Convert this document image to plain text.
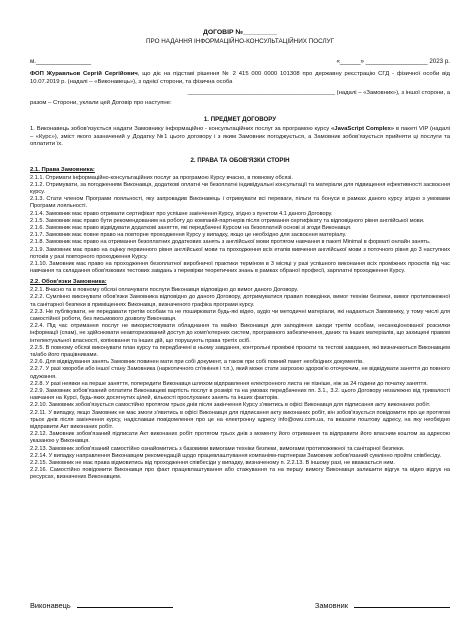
ДОГОВІР №_________
ПРО НАДАННЯ ІНФОРМАЦІЙНО-КОНСУЛЬТАЦІЙНИХ ПОСЛУГ
м.________________	«______» __________________ 2023 р.
ФОП Журавльов Сергій Сергійович, що діє на підставі рішення № 2 415 000 0000 101308 про державну реєстрацію СГД - фізичної особи від 10.07.2019 р. (надалі – «Виконавець»), з однієї сторони, та фізична особа
_____________________________________________ (надалі – «Замовник»), з іншої сторони, а
разом – Сторони, уклали цей Договір про наступне:
1. ПРЕДМЕТ ДОГОВОРУ
1. Виконавець зобов'язується надати Замовнику інформаційно - консультаційних послуг за програмою курсу «JavaScript Complex» в пакеті VIP (надалі – «Курс»), зміст якого зазначений у Додатку №1 цього договору і з яким Замовник погоджується, а Замовник зобов'язується прийняти ці послуги та оплатити їх.
2. ПРАВА ТА ОБОВ'ЯЗКИ СТОРІН
2.1. Права Замовника:
2.1.1. Отримати інформаційно-консультаційних послуг за програмою Курсу вчасно, в повному обсязі.
2.1.2. Отримувати, за погодженням Виконавця, додаткові оплатні чи безоплатні індивідуальні консультації та матеріали для підвищення ефективності засвоєння курсу.
2.1.3. Стати членом Програми лояльності, яку запровадив Виконавець і отримувати всі переваги, пільги та бонуси в рамках даного курсу згідно з умовами Програми лояльності.
2.1.4. Замовник має право отримати сертифікат про успішне закінчення Курсу, згідно з пунктом 4.1 даного Договору.
2.1.5. Замовник має право бути рекомендованим на роботу до компаній-партнерів після отримання сертифікату та відповідного рівня англійської мови.
2.1.6. Замовник має право відвідувати додаткові заняття, які передбачені Курсом на безоплатній основі зі згоди Виконавця.
2.1.7. Замовник має повне право на повторне проходження Курсу у випадку, якщо це необхідно для засвоєння матеріалу.
2.1.8. Замовник має право на отримання безоплатних додаткових занять з англійської мови протягом навчання в пакеті Minimal в форматі онлайн занять.
2.1.9. Замовник має право на оцінку первинного рівня англійської мови та проходження всіх етапів вивчення англійської мови з поточного рівня до 3 наступних потоків у разі повторного проходження Курсу.
2.1.10. Замовник має право на проходження безоплатної виробничої практики терміном в 3 місяці у разі успішного виконання всіх проміжних проєктів під час навчання та складання обов'язкових тестових завдань з перевірки теоретичних знань в рамках обраної професії, зарплатні проходження Курсу.
2.2. Обов'язки Замовника:
2.2.1. Вчасно та в повному обсязі оплачувати послуги Виконавця відповідно до вимог даного Договору.
2.2.2. Сумлінно виконувати обов'язки Замовника відповідно до даного Договору, дотримуватися правил поведінки, вимог техніки безпеки, вимог протипожежної та санітарної безпеки в приміщеннях Виконавця, визначеного графіка програми курсу.
2.2.3. Не публікувати, не передавати третім особам та не поширювати будь-які відео, аудіо чи методичні матеріали, які надаються Замовнику, у тому числі для самостійної роботи, без письмового дозволу Виконавця.
2.2.4. Під час отримання послуг не використовувати обладнання та майно Виконавця для заподіяння шкоди третім особам, несанкціонованої розсилки інформації (спам), не здійснювати неавторизований доступ до комп'ютерних систем, програмного забезпечення, даних та інших матеріалів, що захищені правом інтелектуальної власності, копіювання та інших дій, що порушують права третіх осіб.
2.2.5. В повному обсязі виконувати план курсу та передбачені в ньому завдання, контрольні проміжні проєкти та тестові завдання, які визначаються Виконавцем та/або його працівниками.
2.2.6. Для відвідування занять Замовник повинен мати при собі документ, а також при собі повний пакет необхідних документів.
2.2.7. У разі хвороби або іншої стану Замовника (наркотичного сп'яніння і т.п.), який може стати загрозою здоров'ю оточуючим, не відвідувати заняття до повного одужання.
2.2.8. У разі неявки на перше заняття, попередити Виконавця шляхом відправлення електронного листа не пізніше, ніж за 24 години до початку заняття.
2.2.9. Замовник зобов'язаний оплатити Виконавцеві вартість послуг в розмірі та на умовах передбачених пп. 3.1., 3.2. цього Договору незалежно від тривалості навчання на Курсі, будь-яких досягнутих цілей, кількості прослуханих занять та інших факторів.
2.2.10. Замовник зобов'язується самостійно протягом трьох днів після закінчення Курсу з'явитись в офісі Виконавця для підписання акту виконаних робіт.
2.2.11. У випадку, якщо Замовник не має змоги з'явитись в офісі Виконавця для підписання акту виконаних робіт, він зобов'язується повідомити про це протягом трьох днів після закінчення курсу, надіславши повідомлення про це на електронну адресу info@owu.com.ua, та вказати поштову адресу, на яку необхідно відправити Акт виконаних робіт.
2.2.12. Замовник зобов'язаний підписати Акт виконаних робіт протягом трьох днів з моменту його отримання та відправити його власним коштом за адресою указаною у Виконавця.
2.2.13. Замовник зобов'язаний самостійно ознайомитись з базовими вимогами техніки безпеки, вимогами протипожежної та санітарної безпеки.
2.2.14. У випадку направлення Виконавцем рекомендацій щодо працевлаштування компаніям-партнерам Замовник зобов'язаний сумлінно пройти співбесіду.
2.2.15. Замовник не має права відмовитись від проходження співбесіди у випадку, визначеному п. 2.2.13. В іншому разі, не вважається ним.
2.2.16. Самостійно повідомити Виконавця про факт працевлаштування або стажування та на першу вимогу Виконавця залишити відгук та відео відгук на ресурсах, визначених Виконавцем.
Виконавець	Замовник
